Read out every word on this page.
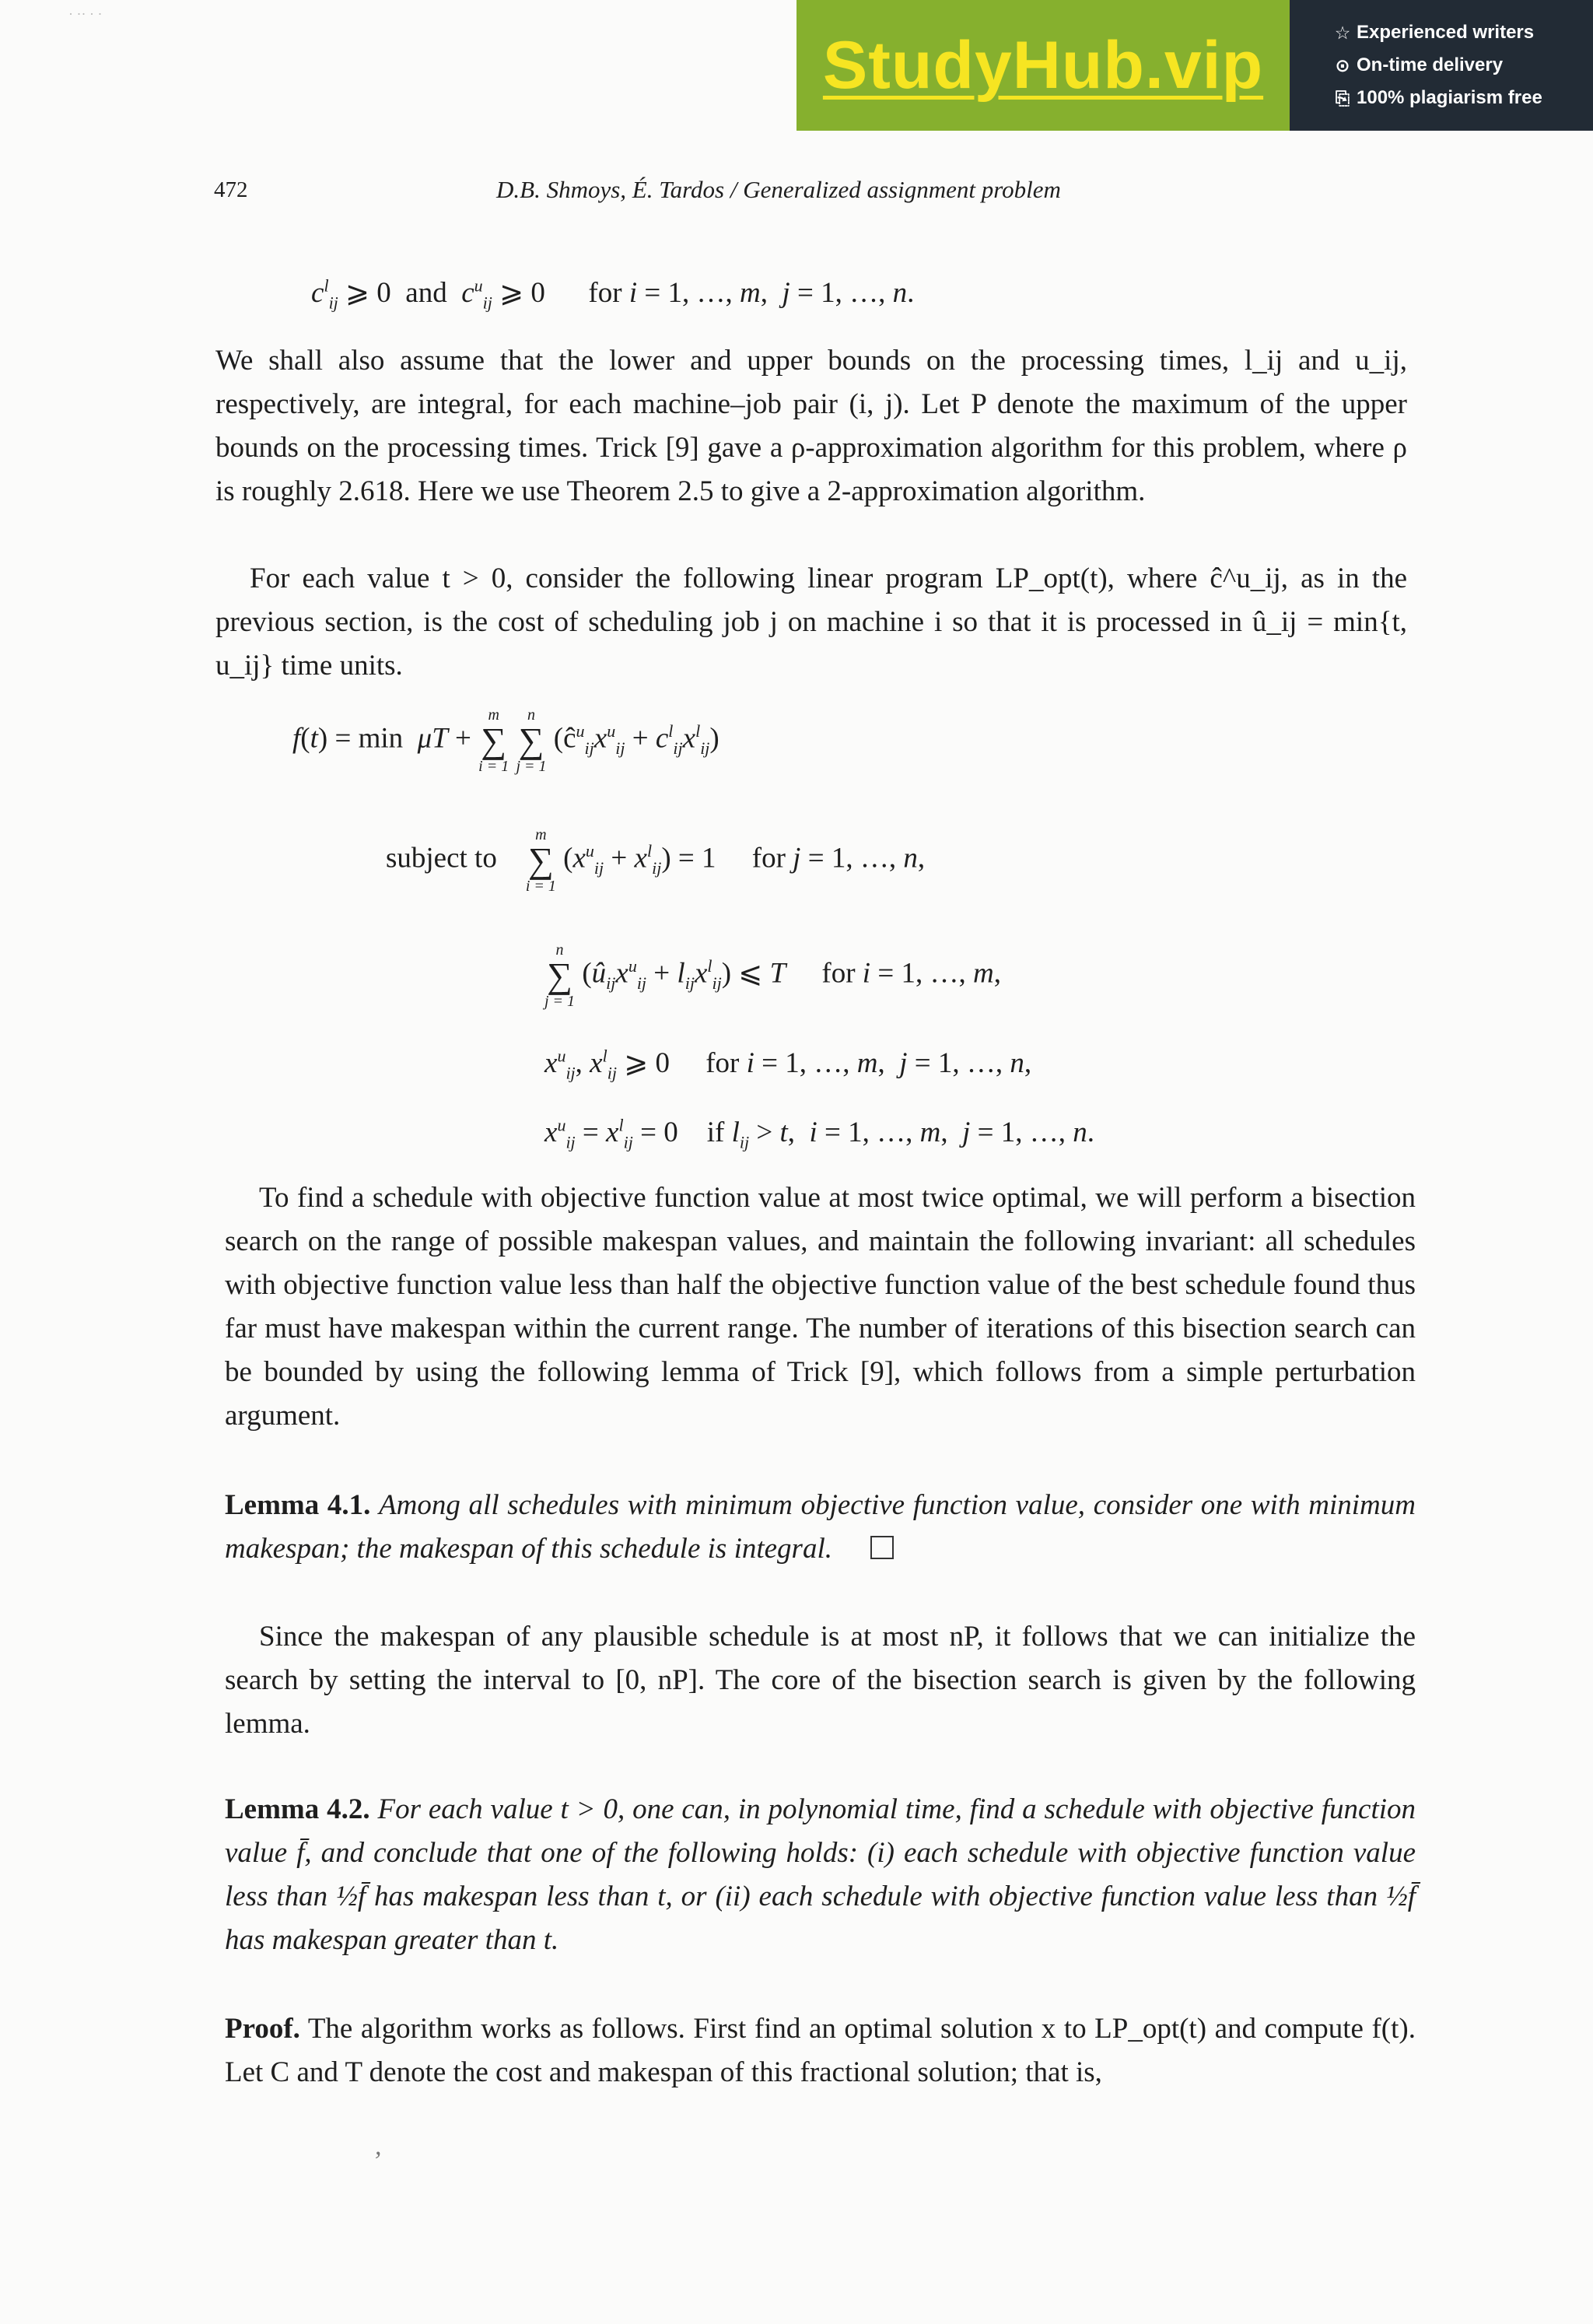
· ·· · ·
StudyHub.vip	☆ Experienced writers
⊙ On-time delivery
⎘ 100% plagiarism free
472	D.B. Shmoys, É. Tardos / Generalized assignment problem
$c^l_{ij}$ ⩾ 0  and  $c^u_{ij}$ ⩾ 0      for i = 1, …, m,  j = 1, …, n.

We shall also assume that the lower and upper bounds on the processing times, l_ij and u_ij, respectively, are integral, for each machine–job pair (i, j). Let P denote the maximum of the upper bounds on the processing times. Trick [9] gave a ρ-approximation algorithm for this problem, where ρ is roughly 2.618. Here we use Theorem 2.5 to give a 2-approximation algorithm.

For each value t > 0, consider the following linear program LP_opt(t), where ĉ^u_ij, as in the previous section, is the cost of scheduling job j on machine i so that it is processed in û_ij = min{t, u_ij} time units.

f(t) = min  μT +
m
∑
i = 1

n
∑
j = 1
$(ĉ^u_{ij}x^u_{ij} + c^l_{ij}x^l_{ij})$
subject to
m
∑
i = 1
$(x^u_{ij} + x^l_{ij}) = 1$     for j = 1, …, n,
n
∑
j = 1
$(û_{ij}x^u_{ij} + l_{ij}x^l_{ij})$ ⩽ T     for i = 1, …, m,
$x^u_{ij}$, $x^l_{ij}$ ⩾ 0     for i = 1, …, m,  j = 1, …, n,
$x^u_{ij} = x^l_{ij} = 0$    if $l_{ij} > t$,  i = 1, …, m,  j = 1, …, n.

To find a schedule with objective function value at most twice optimal, we will perform a bisection search on the range of possible makespan values, and maintain the following invariant: all schedules with objective function value less than half the objective function value of the best schedule found thus far must have makespan within the current range. The number of iterations of this bisection search can be bounded by using the following lemma of Trick [9], which follows from a simple perturbation argument.

Lemma 4.1. Among all schedules with minimum objective function value, consider one with minimum makespan; the makespan of this schedule is integral.

Since the makespan of any plausible schedule is at most nP, it follows that we can initialize the search by setting the interval to [0, nP]. The core of the bisection search is given by the following lemma.

Lemma 4.2. For each value t > 0, one can, in polynomial time, find a schedule with objective function value f̄, and conclude that one of the following holds: (i) each schedule with objective function value less than ½f̄ has makespan less than t, or (ii) each schedule with objective function value less than ½f̄ has makespan greater than t.

Proof. The algorithm works as follows. First find an optimal solution x to LP_opt(t) and compute f(t). Let C and T denote the cost and makespan of this fractional solution; that is,

,
